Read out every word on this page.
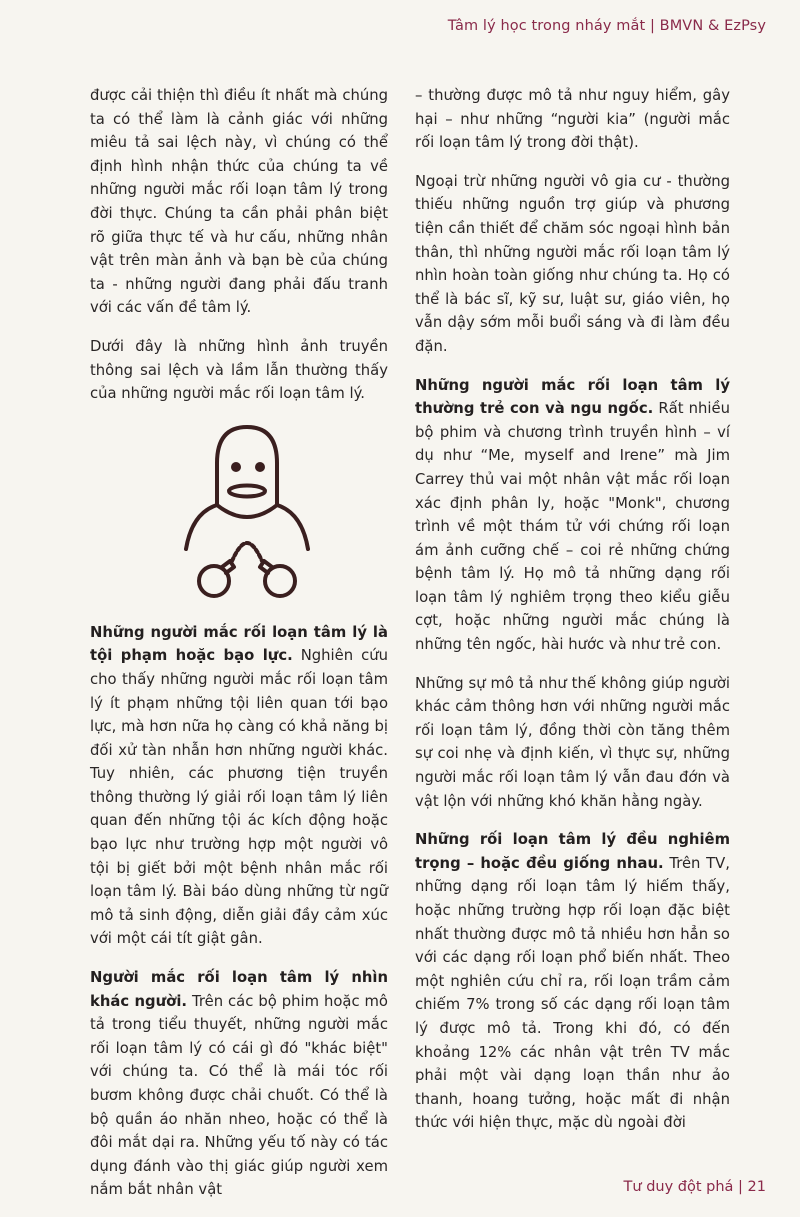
Tâm lý học trong nháy mắt | BMVN & EzPsy

được cải thiện thì điều ít nhất mà chúng ta có thể làm là cảnh giác với những miêu tả sai lệch này, vì chúng có thể định hình nhận thức của chúng ta về những người mắc rối loạn tâm lý trong đời thực. Chúng ta cần phải phân biệt rõ giữa thực tế và hư cấu, những nhân vật trên màn ảnh và bạn bè của chúng ta - những người đang phải đấu tranh với các vấn đề tâm lý.

Dưới đây là những hình ảnh truyền thông sai lệch và lầm lẫn thường thấy của những người mắc rối loạn tâm lý.

Những người mắc rối loạn tâm lý là tội phạm hoặc bạo lực. Nghiên cứu cho thấy những người mắc rối loạn tâm lý ít phạm những tội liên quan tới bạo lực, mà hơn nữa họ càng có khả năng bị đối xử tàn nhẫn hơn những người khác. Tuy nhiên, các phương tiện truyền thông thường lý giải rối loạn tâm lý liên quan đến những tội ác kích động hoặc bạo lực như trường hợp một người vô tội bị giết bởi một bệnh nhân mắc rối loạn tâm lý. Bài báo dùng những từ ngữ mô tả sinh động, diễn giải đầy cảm xúc với một cái tít giật gân.

Người mắc rối loạn tâm lý nhìn khác người. Trên các bộ phim hoặc mô tả trong tiểu thuyết, những người mắc rối loạn tâm lý có cái gì đó "khác biệt" với chúng ta. Có thể là mái tóc rối bươm không được chải chuốt. Có thể là bộ quần áo nhăn nheo, hoặc có thể là đôi mắt dại ra. Những yếu tố này có tác dụng đánh vào thị giác giúp người xem nắm bắt nhân vật

– thường được mô tả như nguy hiểm, gây hại – như những “người kia” (người mắc rối loạn tâm lý trong đời thật).

Ngoại trừ những người vô gia cư - thường thiếu những nguồn trợ giúp và phương tiện cần thiết để chăm sóc ngoại hình bản thân, thì những người mắc rối loạn tâm lý nhìn hoàn toàn giống như chúng ta. Họ có thể là bác sĩ, kỹ sư, luật sư, giáo viên, họ vẫn dậy sớm mỗi buổi sáng và đi làm đều đặn.

Những người mắc rối loạn tâm lý thường trẻ con và ngu ngốc. Rất nhiều bộ phim và chương trình truyền hình – ví dụ như “Me, myself and Irene” mà Jim Carrey thủ vai một nhân vật mắc rối loạn xác định phân ly, hoặc "Monk", chương trình về một thám tử với chứng rối loạn ám ảnh cưỡng chế – coi rẻ những chứng bệnh tâm lý. Họ mô tả những dạng rối loạn tâm lý nghiêm trọng theo kiểu giễu cợt, hoặc những người mắc chúng là những tên ngốc, hài hước và như trẻ con.

Những sự mô tả như thế không giúp người khác cảm thông hơn với những người mắc rối loạn tâm lý, đồng thời còn tăng thêm sự coi nhẹ và định kiến, vì thực sự, những người mắc rối loạn tâm lý vẫn đau đớn và vật lộn với những khó khăn hằng ngày.

Những rối loạn tâm lý đều nghiêm trọng – hoặc đều giống nhau. Trên TV, những dạng rối loạn tâm lý hiếm thấy, hoặc những trường hợp rối loạn đặc biệt nhất thường được mô tả nhiều hơn hẳn so với các dạng rối loạn phổ biến nhất. Theo một nghiên cứu chỉ ra, rối loạn trầm cảm chiếm 7% trong số các dạng rối loạn tâm lý được mô tả. Trong khi đó, có đến khoảng 12% các nhân vật trên TV mắc phải một vài dạng loạn thần như ảo thanh, hoang tưởng, hoặc mất đi nhận thức với hiện thực, mặc dù ngoài đời

Tư duy đột phá | 21
